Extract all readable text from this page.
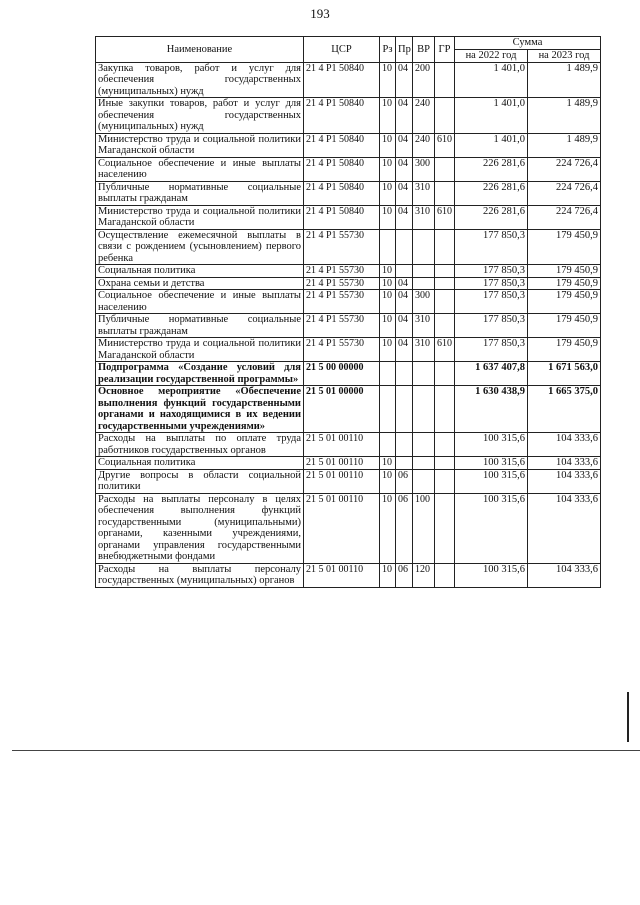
193
Наименование	ЦСР	Рз	Пр	ВР	ГР	Сумма	
						на 2022 год	на 2023 год
Закупка товаров, работ и услуг для обеспечения государственных (муниципальных) нужд	21 4 P1 50840	10	04	200		1 401,0	1 489,9
Иные закупки товаров, работ и услуг для обеспечения государственных (муниципальных) нужд	21 4 P1 50840	10	04	240		1 401,0	1 489,9
Министерство труда и социальной политики Магаданской области	21 4 P1 50840	10	04	240	610	1 401,0	1 489,9
Социальное обеспечение и иные выплаты населению	21 4 P1 50840	10	04	300		226 281,6	224 726,4
Публичные нормативные социальные выплаты гражданам	21 4 P1 50840	10	04	310		226 281,6	224 726,4
Министерство труда и социальной политики Магаданской области	21 4 P1 50840	10	04	310	610	226 281,6	224 726,4
Осуществление ежемесячной выплаты в связи с рождением (усыновлением) первого ребенка	21 4 P1 55730					177 850,3	179 450,9
Социальная политика	21 4 P1 55730	10				177 850,3	179 450,9
Охрана семьи и детства	21 4 P1 55730	10	04			177 850,3	179 450,9
Социальное обеспечение и иные выплаты населению	21 4 P1 55730	10	04	300		177 850,3	179 450,9
Публичные нормативные социальные выплаты гражданам	21 4 P1 55730	10	04	310		177 850,3	179 450,9
Министерство труда и социальной политики Магаданской области	21 4 P1 55730	10	04	310	610	177 850,3	179 450,9
Подпрограмма «Создание условий для реализации государственной программы»	21 5 00 00000					1 637 407,8	1 671 563,0
Основное мероприятие «Обеспечение выполнения функций государственными органами и находящимися в их ведении государственными учреждениями»	21 5 01 00000					1 630 438,9	1 665 375,0
Расходы на выплаты по оплате труда работников государственных органов	21 5 01 00110					100 315,6	104 333,6
Социальная политика	21 5 01 00110	10				100 315,6	104 333,6
Другие вопросы в области социальной политики	21 5 01 00110	10	06			100 315,6	104 333,6
Расходы на выплаты персоналу в целях обеспечения выполнения функций государственными (муниципальными) органами, казенными учреждениями, органами управления государственными внебюджетными фондами	21 5 01 00110	10	06	100		100 315,6	104 333,6
Расходы на выплаты персоналу государственных (муниципальных) органов	21 5 01 00110	10	06	120		100 315,6	104 333,6
